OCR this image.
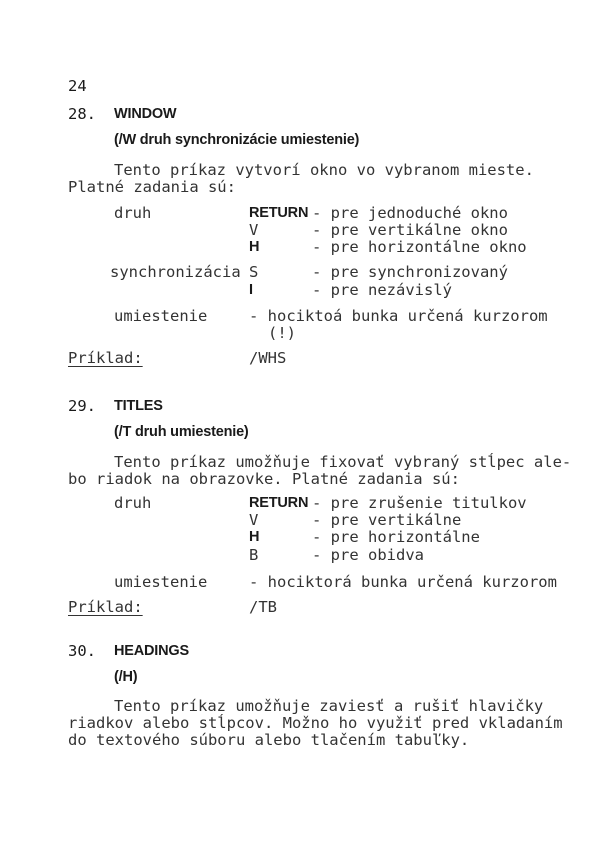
24
28. WINDOW
(/W druh synchronizácie umiestenie)
Tento príkaz vytvorí okno vo vybranom mieste.
Platné zadania sú:
druh	RETURN - pre jednoduché okno
V	- pre vertikálne okno
H	- pre horizontálne okno
synchronizácia S	- pre synchronizovaný
I	- pre nezávislý
umiestenie	- hociktoá bunka určená kurzorom
(!)
Príklad:	/WHS
29. TITLES
(/T druh umiestenie)
Tento príkaz umožňuje fixovať vybraný stĺpec ale-
bo riadok na obrazovke. Platné zadania sú:
druh	RETURN - pre zrušenie titulkov
V	- pre vertikálne
H	- pre horizontálne
B	- pre obidva
umiestenie	- hociktorá bunka určená kurzorom
Príklad:	/TB
30. HEADINGS
(/H)
Tento príkaz umožňuje zaviesť a rušiť hlavičky
riadkov alebo stĺpcov. Možno ho využiť pred vkladaním
do textového súboru alebo tlačením tabuľky.
